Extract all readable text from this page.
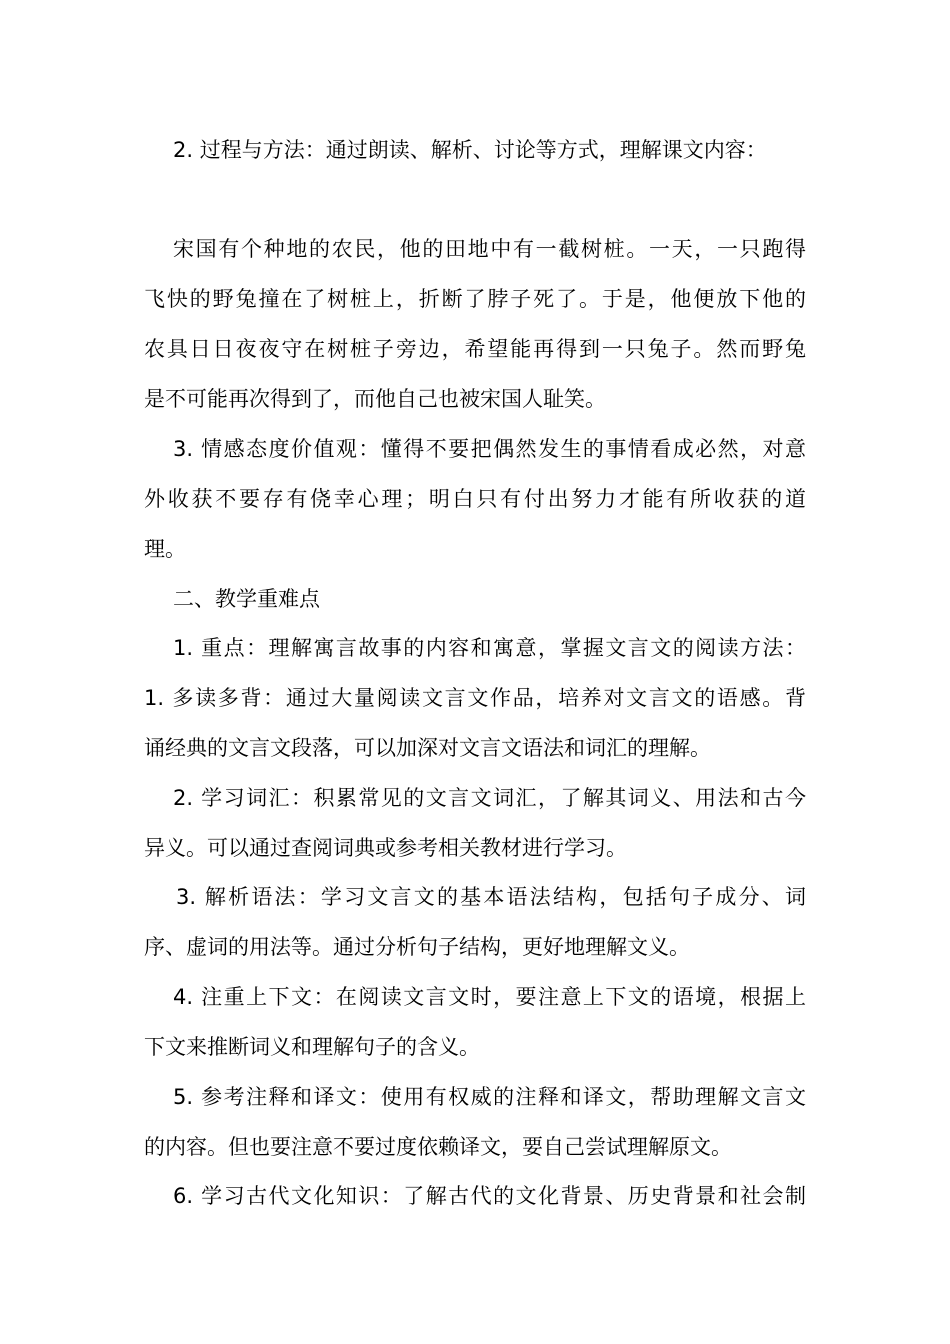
2. 过程与方法：通过朗读、解析、讨论等方式，理解课文内容：
宋国有个种地的农民，他的田地中有一截树桩。一天，一只跑得
飞快的野兔撞在了树桩上，折断了脖子死了。于是，他便放下他的
农具日日夜夜守在树桩子旁边，希望能再得到一只兔子。然而野兔
是不可能再次得到了，而他自己也被宋国人耻笑。
3. 情感态度价值观：懂得不要把偶然发生的事情看成必然，对意
外收获不要存有侥幸心理；明白只有付出努力才能有所收获的道
理。
二、教学重难点
1. 重点：理解寓言故事的内容和寓意，掌握文言文的阅读方法：
1. 多读多背：通过大量阅读文言文作品，培养对文言文的语感。背
诵经典的文言文段落，可以加深对文言文语法和词汇的理解。
2. 学习词汇：积累常见的文言文词汇，了解其词义、用法和古今
异义。可以通过查阅词典或参考相关教材进行学习。
3. 解析语法：学习文言文的基本语法结构，包括句子成分、词
序、虚词的用法等。通过分析句子结构，更好地理解文义。
4. 注重上下文：在阅读文言文时，要注意上下文的语境，根据上
下文来推断词义和理解句子的含义。
5. 参考注释和译文：使用有权威的注释和译文，帮助理解文言文
的内容。但也要注意不要过度依赖译文，要自己尝试理解原文。
6. 学习古代文化知识：了解古代的文化背景、历史背景和社会制
